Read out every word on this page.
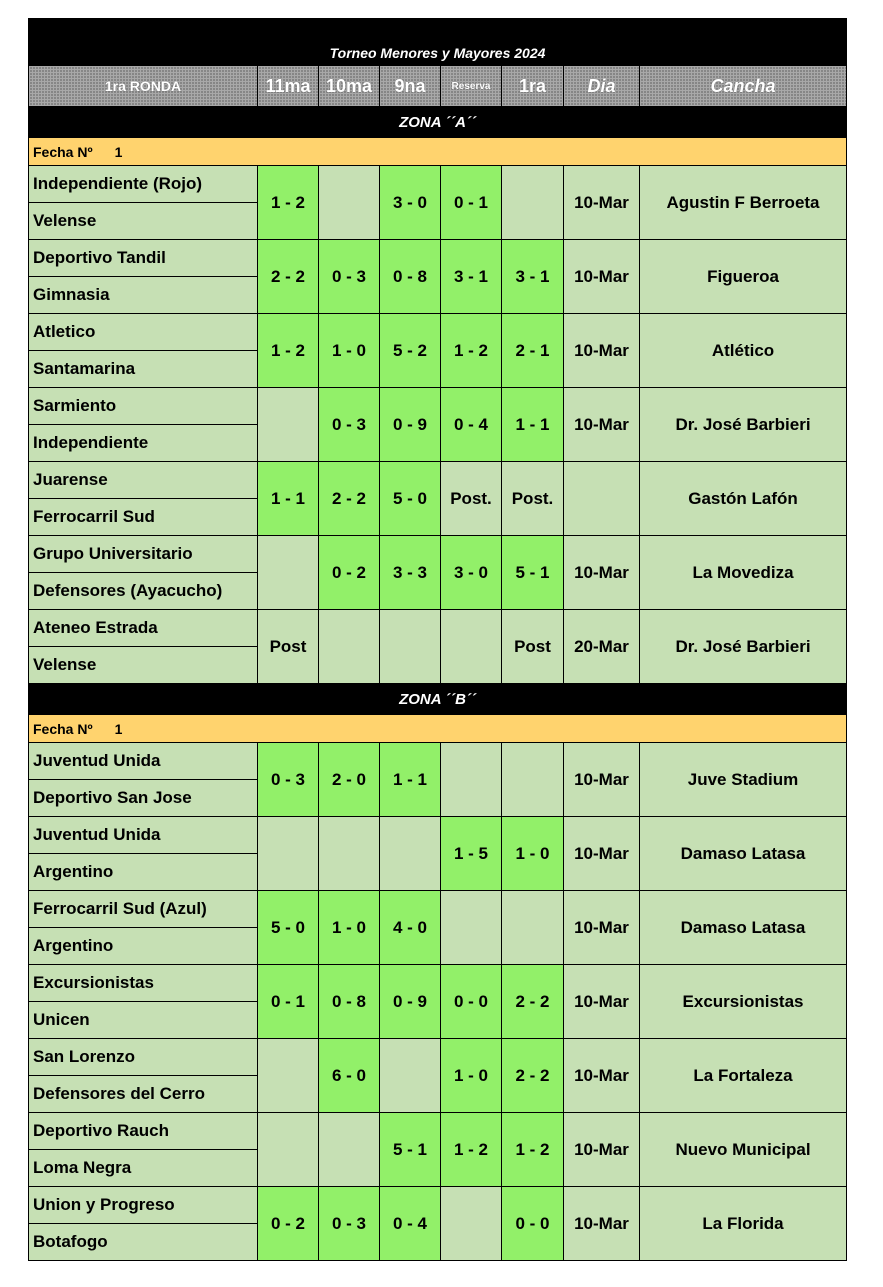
Torneo Menores y Mayores 2024							
1ra RONDA	11ma	10ma	9na	Reserva	1ra	Dia	Cancha
ZONA ´´A´´							
Fecha Nº 1							
Independiente (Rojo)	1 - 2		3 - 0	0 - 1		10-Mar	Agustin F Berroeta
Velense							
Deportivo Tandil	2 - 2	0 - 3	0 - 8	3 - 1	3 - 1	10-Mar	Figueroa
Gimnasia							
Atletico	1 - 2	1 - 0	5 - 2	1 - 2	2 - 1	10-Mar	Atlético
Santamarina							
Sarmiento		0 - 3	0 - 9	0 - 4	1 - 1	10-Mar	Dr. José Barbieri
Independiente							
Juarense	1 - 1	2 - 2	5 - 0	Post.	Post.		Gastón Lafón
Ferrocarril Sud							
Grupo Universitario		0 - 2	3 - 3	3 - 0	5 - 1	10-Mar	La Movediza
Defensores (Ayacucho)							
Ateneo Estrada	Post				Post	20-Mar	Dr. José Barbieri
Velense							
ZONA ´´B´´							
Fecha Nº 1							
Juventud Unida	0 - 3	2 - 0	1 - 1			10-Mar	Juve Stadium
Deportivo San Jose							
Juventud Unida				1 - 5	1 - 0	10-Mar	Damaso Latasa
Argentino							
Ferrocarril Sud (Azul)	5 - 0	1 - 0	4 - 0			10-Mar	Damaso Latasa
Argentino							
Excursionistas	0 - 1	0 - 8	0 - 9	0 - 0	2 - 2	10-Mar	Excursionistas
Unicen							
San Lorenzo		6 - 0		1 - 0	2 - 2	10-Mar	La Fortaleza
Defensores del Cerro							
Deportivo Rauch			5 - 1	1 - 2	1 - 2	10-Mar	Nuevo Municipal
Loma Negra							
Union y Progreso	0 - 2	0 - 3	0 - 4		0 - 0	10-Mar	La Florida
Botafogo							
